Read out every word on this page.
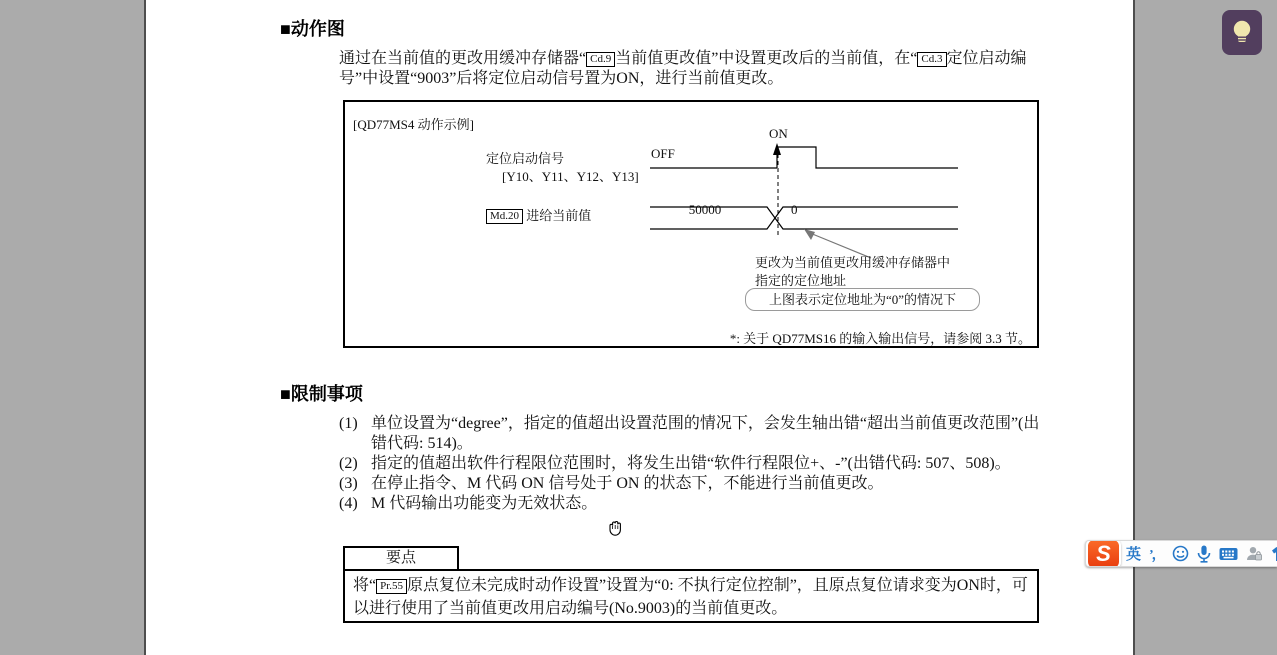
■动作图
通过在当前值的更改用缓冲存储器“ Cd.9 当前值更改值”中设置更改后的当前值，在“ Cd.3 定位启动编号”中设置“9003”后将定位启动信号置为ON，进行当前值更改。
[QD77MS4 动作示例]
定位启动信号
[Y10、Y11、Y12、Y13]
ON
OFF
Md.20 进给当前值	50000	0
更改为当前值更改用缓冲存储器中
指定的定位地址
上图表示定位地址为“0”的情况下
*: 关于 QD77MS16 的输入输出信号，请参阅 3.3 节。
■限制事项
(1) 单位设置为“degree”，指定的值超出设置范围的情况下，会发生轴出错“超出当前值更改范围”(出错代码: 514)。
(2) 指定的值超出软件行程限位范围时，将发生出错“软件行程限位+、-”(出错代码: 507、508)。
(3) 在停止指令、M 代码 ON 信号处于 ON 的状态下，不能进行当前值更改。
(4) M 代码输出功能变为无效状态。
要点
将“ Pr.55 原点复位未完成时动作设置”设置为“0: 不执行定位控制”，且原点复位请求变为ON时，可以进行使用了当前值更改用启动编号(No.9003)的当前值更改。
S	英 ’，
